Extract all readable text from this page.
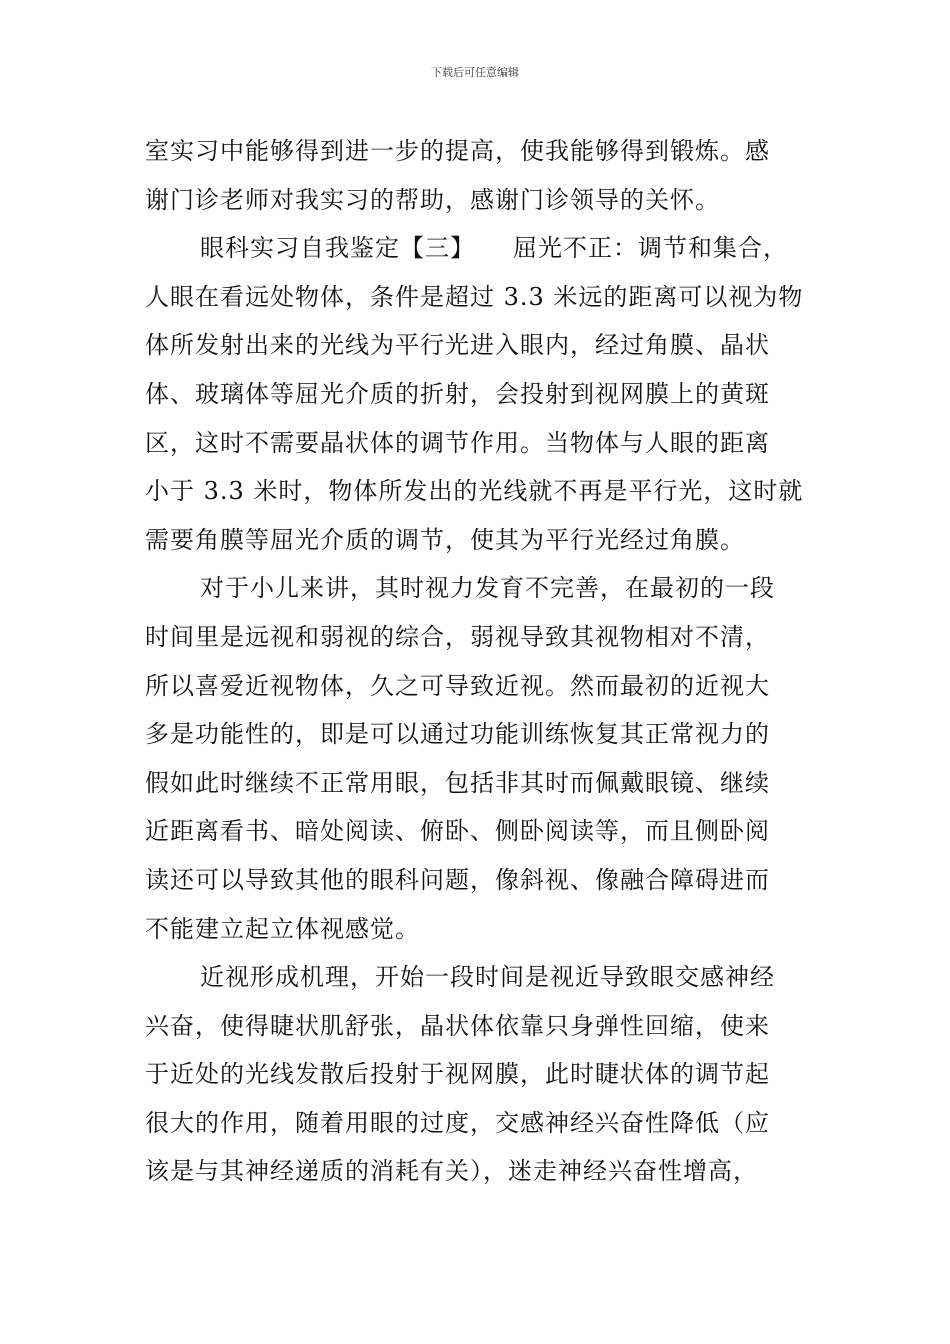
下载后可任意编辑
室实习中能够得到进一步的提高，使我能够得到锻炼。感
谢门诊老师对我实习的帮助，感谢门诊领导的关怀。
眼科实习自我鉴定【三】　　屈光不正：调节和集合，
人眼在看远处物体，条件是超过 3.3 米远的距离可以视为物
体所发射出来的光线为平行光进入眼内，经过角膜、晶状
体、玻璃体等屈光介质的折射，会投射到视网膜上的黄斑
区，这时不需要晶状体的调节作用。当物体与人眼的距离
小于 3.3 米时，物体所发出的光线就不再是平行光，这时就
需要角膜等屈光介质的调节，使其为平行光经过角膜。
对于小儿来讲，其时视力发育不完善，在最初的一段
时间里是远视和弱视的综合，弱视导致其视物相对不清，
所以喜爱近视物体，久之可导致近视。然而最初的近视大
多是功能性的，即是可以通过功能训练恢复其正常视力的
假如此时继续不正常用眼，包括非其时而佩戴眼镜、继续
近距离看书、暗处阅读、俯卧、侧卧阅读等，而且侧卧阅
读还可以导致其他的眼科问题，像斜视、像融合障碍进而
不能建立起立体视感觉。
近视形成机理，开始一段时间是视近导致眼交感神经
兴奋，使得睫状肌舒张，晶状体依靠只身弹性回缩，使来
于近处的光线发散后投射于视网膜，此时睫状体的调节起
很大的作用，随着用眼的过度，交感神经兴奋性降低（应
该是与其神经递质的消耗有关），迷走神经兴奋性增高，
